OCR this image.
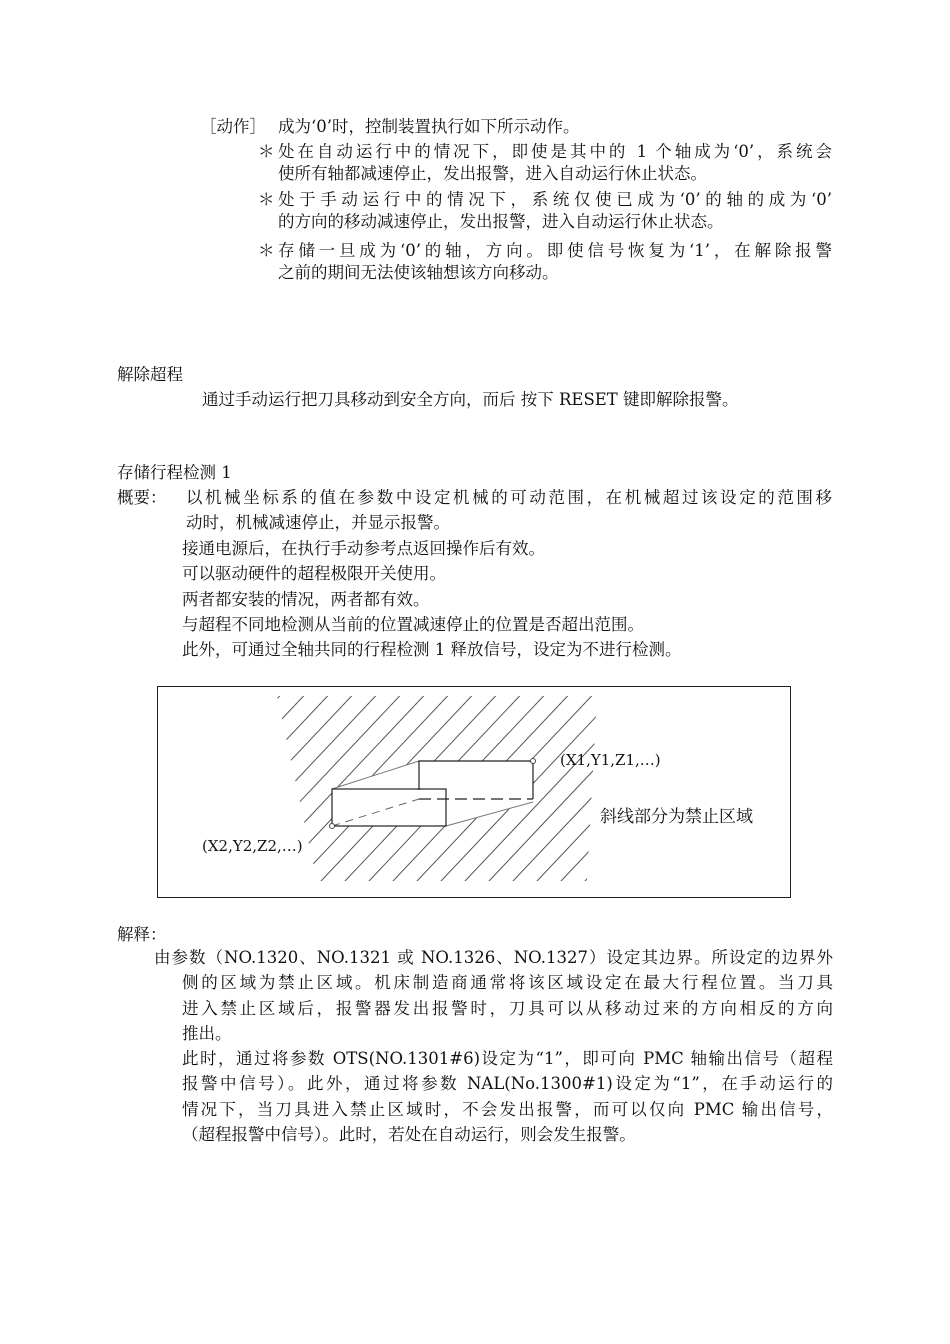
［动作］ 成为‘0’时，控制装置执行如下所示动作。
＊ 处在自动运行中的情况下，即使是其中的 1 个轴成为‘0’，系统会
使所有轴都减速停止，发出报警，进入自动运行休止状态。
＊ 处于手动运行中的情况下，系统仅使已成为‘0’的轴的成为‘0’
的方向的移动减速停止，发出报警，进入自动运行休止状态。
＊ 存储一旦成为‘0’的轴，方向。即使信号恢复为‘1’，在解除报警
之前的期间无法使该轴想该方向移动。
解除超程
通过手动运行把刀具移动到安全方向，而后 按下 RESET 键即解除报警。
存储行程检测 1
概要： 以机械坐标系的值在参数中设定机械的可动范围，在机械超过该设定的范围移
动时，机械减速停止，并显示报警。
接通电源后，在执行手动参考点返回操作后有效。
可以驱动硬件的超程极限开关使用。
两者都安装的情况，两者都有效。
与超程不同地检测从当前的位置减速停止的位置是否超出范围。
此外，可通过全轴共同的行程检测 1 释放信号，设定为不进行检测。
(X1,Y1,Z1,…)
(X2,Y2,Z2,…)
斜线部分为禁止区域
解释：
由参数（NO.1320、NO.1321 或 NO.1326、NO.1327）设定其边界。所设定的边界外
侧的区域为禁止区域。机床制造商通常将该区域设定在最大行程位置。当刀具
进入禁止区域后，报警器发出报警时，刀具可以从移动过来的方向相反的方向
推出。
此时，通过将参数 OTS(NO.1301#6)设定为“1”，即可向 PMC 轴输出信号（超程
报警中信号）。此外，通过将参数 NAL(No.1300#1)设定为“1”，在手动运行的
情况下，当刀具进入禁止区域时，不会发出报警，而可以仅向 PMC 输出信号，
（超程报警中信号）。此时，若处在自动运行，则会发生报警。
